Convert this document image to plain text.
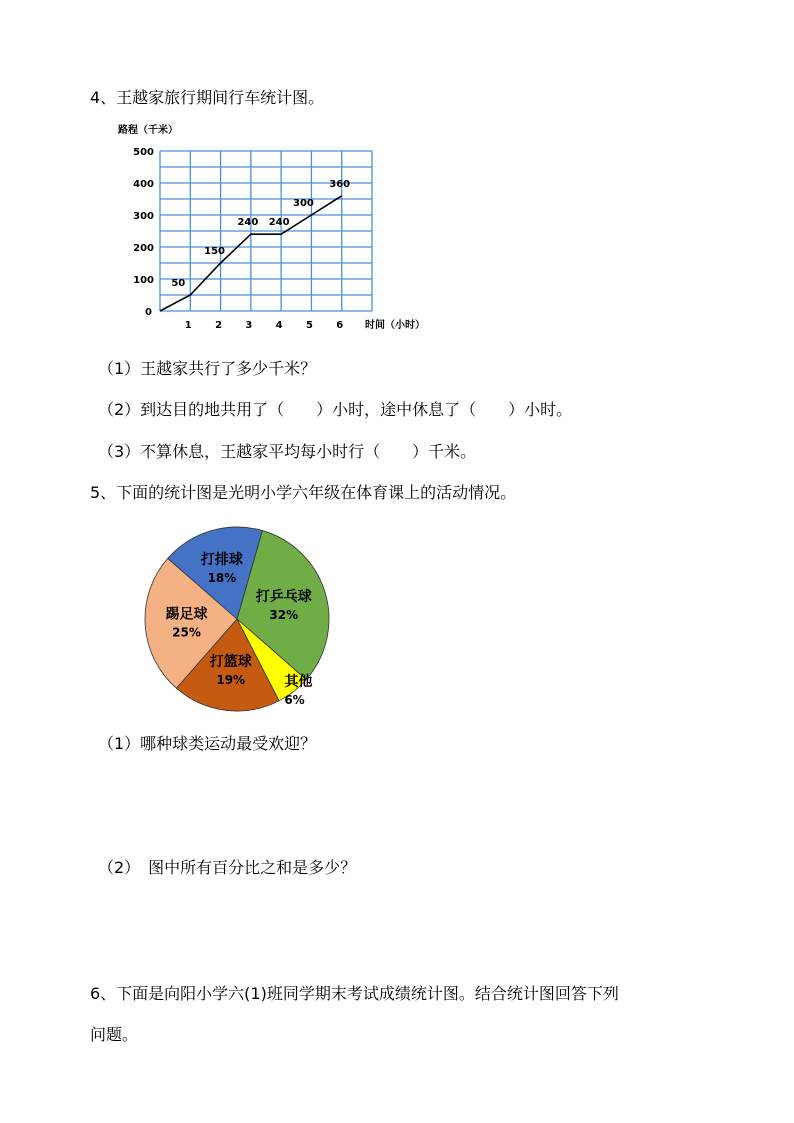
4、王越家旅行期间行车统计图。

路程（千米）
时间（小时）
0
100
200
300
400
500
1 2 3 4 5 6
50
150
240 240
300
360

（1）王越家共行了多少千米？

（2）到达目的地共用了（　　）小时，途中休息了（　　）小时。

（3）不算休息，王越家平均每小时行（　　）千米。

5、下面的统计图是光明小学六年级在体育课上的活动情况。

打乒乓球
32%
其他
6%
打篮球
19%
踢足球
25%
打排球
18%

（1）哪种球类运动最受欢迎？

（2）　图中所有百分比之和是多少？

6、下面是向阳小学六(1)班同学期末考试成绩统计图。结合统计图回答下列

问题。
